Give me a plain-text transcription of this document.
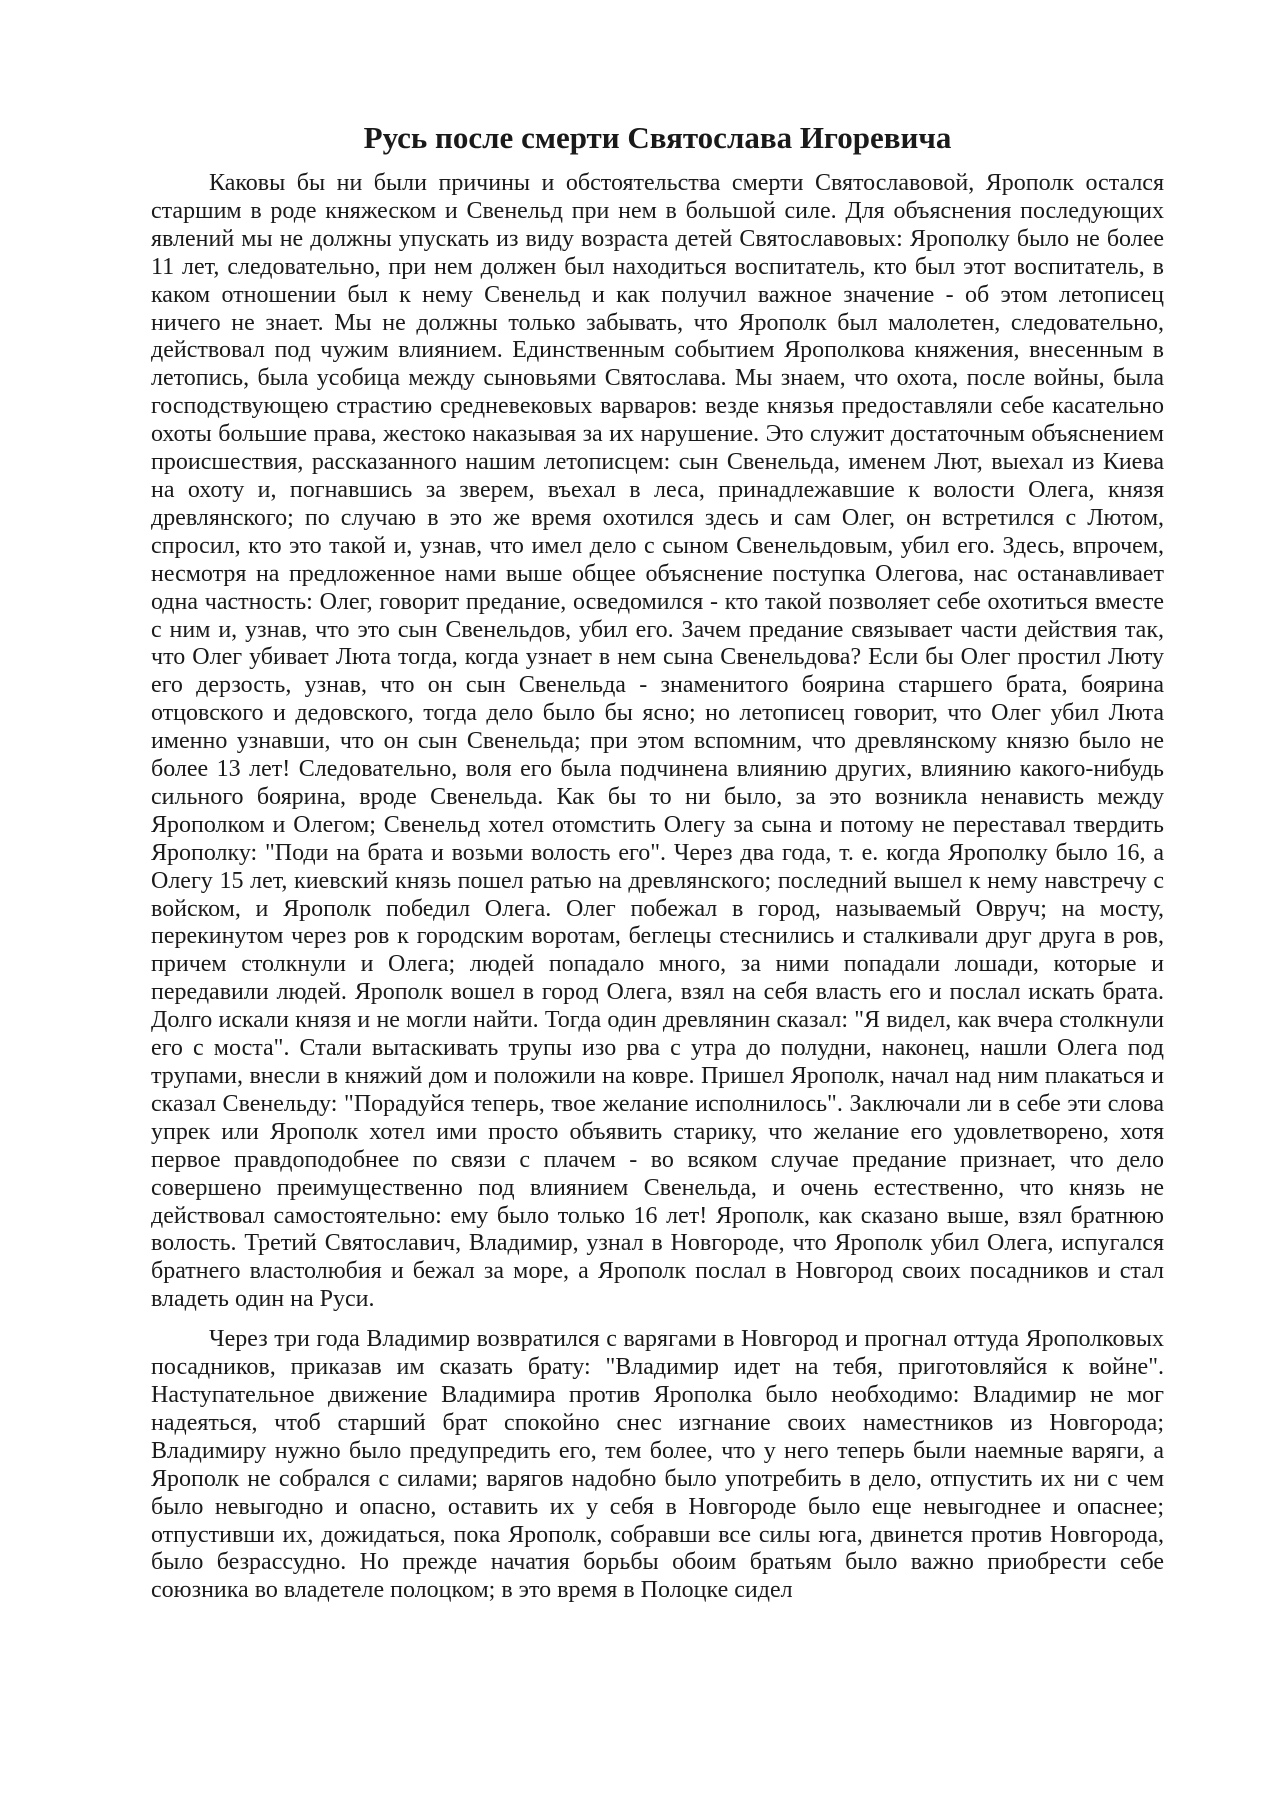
Русь после смерти Святослава Игоревича

Каковы бы ни были причины и обстоятельства смерти Святославовой, Ярополк остался старшим в роде княжеском и Свенельд при нем в большой силе. Для объяснения последующих явлений мы не должны упускать из виду возраста детей Святославовых: Ярополку было не более 11 лет, следовательно, при нем должен был находиться воспитатель, кто был этот воспитатель, в каком отношении был к нему Свенельд и как получил важное значение - об этом летописец ничего не знает. Мы не должны только забывать, что Ярополк был малолетен, следовательно, действовал под чужим влиянием. Единственным событием Ярополкова княжения, внесенным в летопись, была усобица между сыновьями Святослава. Мы знаем, что охота, после войны, была господствующею страстию средневековых варваров: везде князья предоставляли себе касательно охоты большие права, жестоко наказывая за их нарушение. Это служит достаточным объяснением происшествия, рассказанного нашим летописцем: сын Свенельда, именем Лют, выехал из Киева на охоту и, погнавшись за зверем, въехал в леса, принадлежавшие к волости Олега, князя древлянского; по случаю в это же время охотился здесь и сам Олег, он встретился с Лютом, спросил, кто это такой и, узнав, что имел дело с сыном Свенельдовым, убил его. Здесь, впрочем, несмотря на предложенное нами выше общее объяснение поступка Олегова, нас останавливает одна частность: Олег, говорит предание, осведомился - кто такой позволяет себе охотиться вместе с ним и, узнав, что это сын Свенельдов, убил его. Зачем предание связывает части действия так, что Олег убивает Люта тогда, когда узнает в нем сына Свенельдова? Если бы Олег простил Люту его дерзость, узнав, что он сын Свенельда - знаменитого боярина старшего брата, боярина отцовского и дедовского, тогда дело было бы ясно; но летописец говорит, что Олег убил Люта именно узнавши, что он сын Свенельда; при этом вспомним, что древлянскому князю было не более 13 лет! Следовательно, воля его была подчинена влиянию других, влиянию какого-нибудь сильного боярина, вроде Свенельда. Как бы то ни было, за это возникла ненависть между Ярополком и Олегом; Свенельд хотел отомстить Олегу за сына и потому не переставал твердить Ярополку: "Поди на брата и возьми волость его". Через два года, т. е. когда Ярополку было 16, а Олегу 15 лет, киевский князь пошел ратью на древлянского; последний вышел к нему навстречу с войском, и Ярополк победил Олега. Олег побежал в город, называемый Овруч; на мосту, перекинутом через ров к городским воротам, беглецы стеснились и сталкивали друг друга в ров, причем столкнули и Олега; людей попадало много, за ними попадали лошади, которые и передавили людей. Ярополк вошел в город Олега, взял на себя власть его и послал искать брата. Долго искали князя и не могли найти. Тогда один древлянин сказал: "Я видел, как вчера столкнули его с моста". Стали вытаскивать трупы изо рва с утра до полудни, наконец, нашли Олега под трупами, внесли в княжий дом и положили на ковре. Пришел Ярополк, начал над ним плакаться и сказал Свенельду: "Порадуйся теперь, твое желание исполнилось". Заключали ли в себе эти слова упрек или Ярополк хотел ими просто объявить старику, что желание его удовлетворено, хотя первое правдоподобнее по связи с плачем - во всяком случае предание признает, что дело совершено преимущественно под влиянием Свенельда, и очень естественно, что князь не действовал самостоятельно: ему было только 16 лет! Ярополк, как сказано выше, взял братнюю волость. Третий Святославич, Владимир, узнал в Новгороде, что Ярополк убил Олега, испугался братнего властолюбия и бежал за море, а Ярополк послал в Новгород своих посадников и стал владеть один на Руси.

Через три года Владимир возвратился с варягами в Новгород и прогнал оттуда Ярополковых посадников, приказав им сказать брату: "Владимир идет на тебя, приготовляйся к войне". Наступательное движение Владимира против Ярополка было необходимо: Владимир не мог надеяться, чтоб старший брат спокойно снес изгнание своих наместников из Новгорода; Владимиру нужно было предупредить его, тем более, что у него теперь были наемные варяги, а Ярополк не собрался с силами; варягов надобно было употребить в дело, отпустить их ни с чем было невыгодно и опасно, оставить их у себя в Новгороде было еще невыгоднее и опаснее; отпустивши их, дожидаться, пока Ярополк, собравши все силы юга, двинется против Новгорода, было безрассудно. Но прежде начатия борьбы обоим братьям было важно приобрести себе союзника во владетеле полоцком; в это время в Полоцке сидел
